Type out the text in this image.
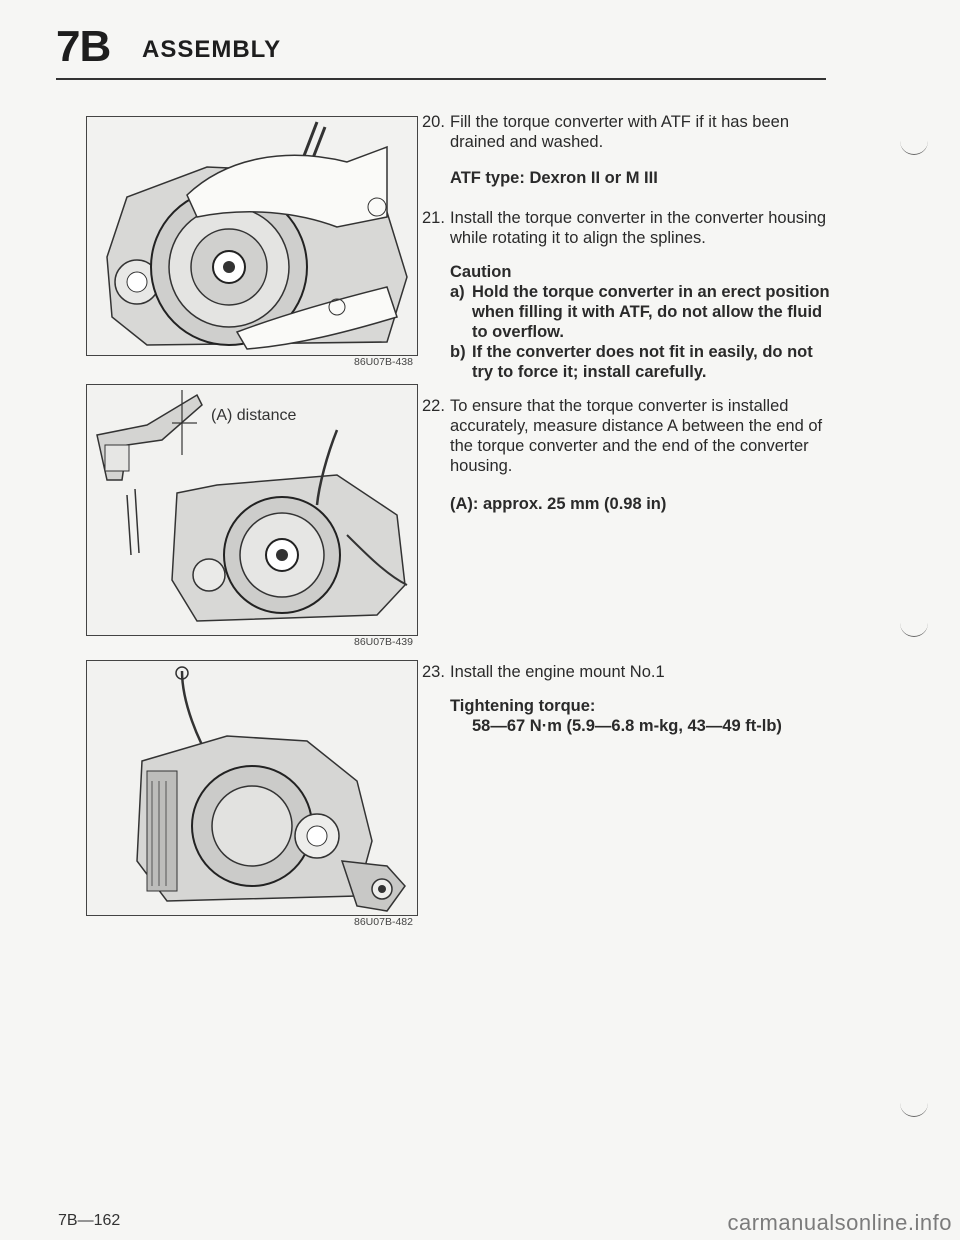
7B ASSEMBLY
86U07B-438
(A) distance
86U07B-439
86U07B-482

20. Fill the torque converter with ATF if it has been drained and washed.

ATF type: Dexron II or M III

21. Install the torque converter in the converter housing while rotating it to align the splines.

Caution
a) Hold the torque converter in an erect position when filling it with ATF, do not allow the fluid to overflow.
b) If the converter does not fit in easily, do not try to force it; install carefully.

22. To ensure that the torque converter is installed accurately, measure distance A between the end of the torque converter and the end of the converter housing.

(A): approx. 25 mm (0.98 in)

23. Install the engine mount No.1

Tightening torque:

58—67 N·m (5.9—6.8 m-kg, 43—49 ft-lb)

7B—162	carmanualsonline.info
